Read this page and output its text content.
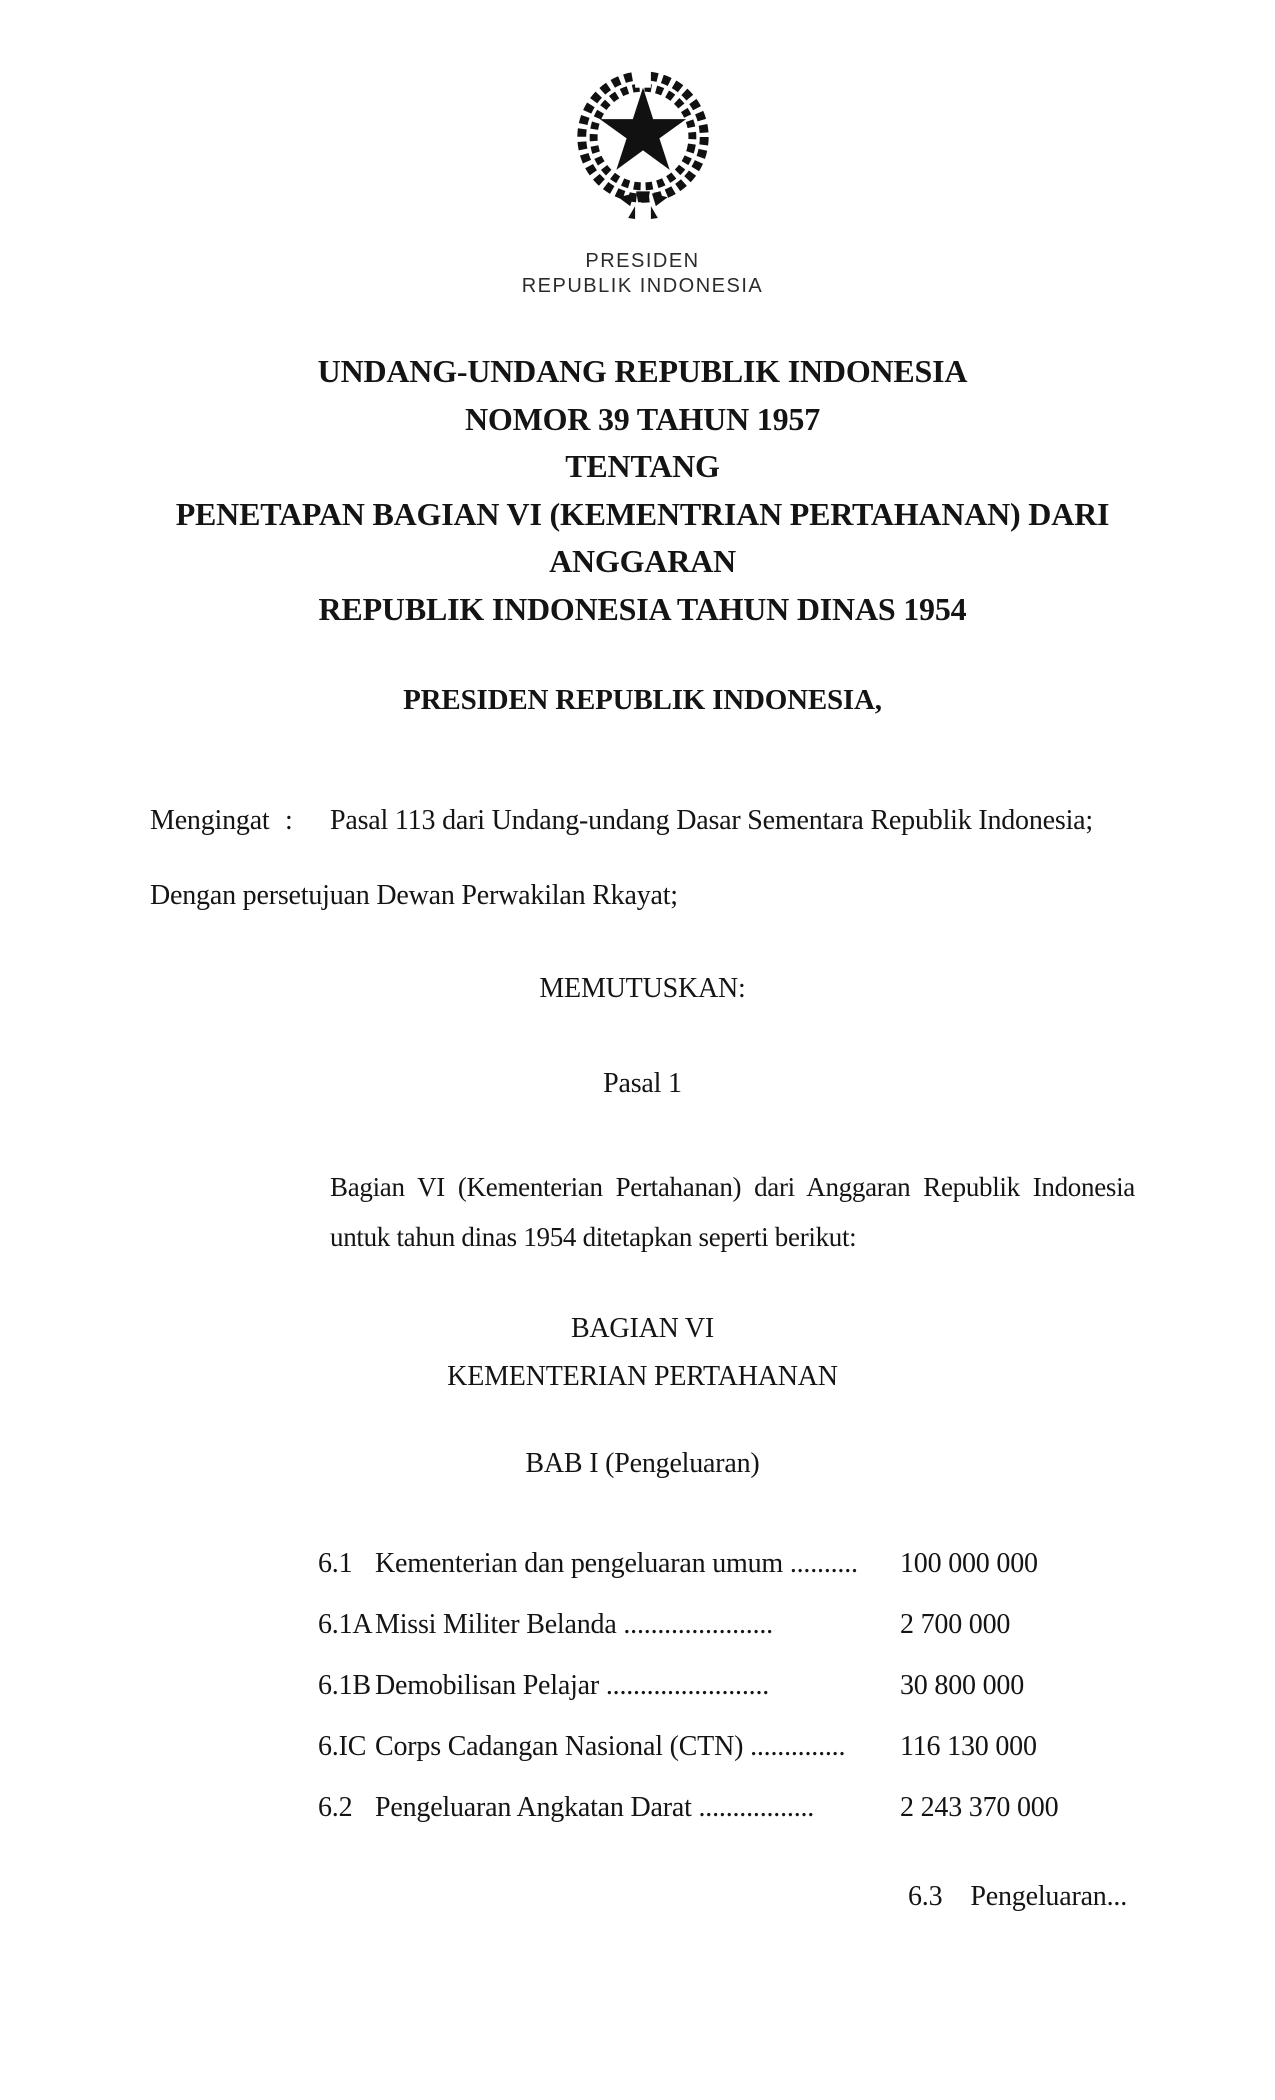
PRESIDEN
REPUBLIK INDONESIA
UNDANG-UNDANG REPUBLIK INDONESIA
NOMOR 39 TAHUN 1957
TENTANG
PENETAPAN BAGIAN VI (KEMENTRIAN PERTAHANAN) DARI ANGGARAN
REPUBLIK INDONESIA TAHUN DINAS 1954
PRESIDEN REPUBLIK INDONESIA,
Mengingat : Pasal 113 dari Undang-undang Dasar Sementara Republik Indonesia;
Dengan persetujuan Dewan Perwakilan Rkayat;
MEMUTUSKAN:
Pasal 1
Bagian VI (Kementerian Pertahanan) dari Anggaran Republik Indonesia
untuk tahun dinas 1954 ditetapkan seperti berikut:
BAGIAN VI
KEMENTERIAN PERTAHANAN
BAB I (Pengeluaran)
6.1 Kementerian dan pengeluaran umum .......... 100 000 000
6.1A Missi Militer Belanda ......................	2 700 000
6.1B Demobilisan Pelajar ........................	30 800 000
6.IC Corps Cadangan Nasional (CTN) .............. 116 130 000
6.2 Pengeluaran Angkatan Darat .................	2 243 370 000
6.3 Pengeluaran...
